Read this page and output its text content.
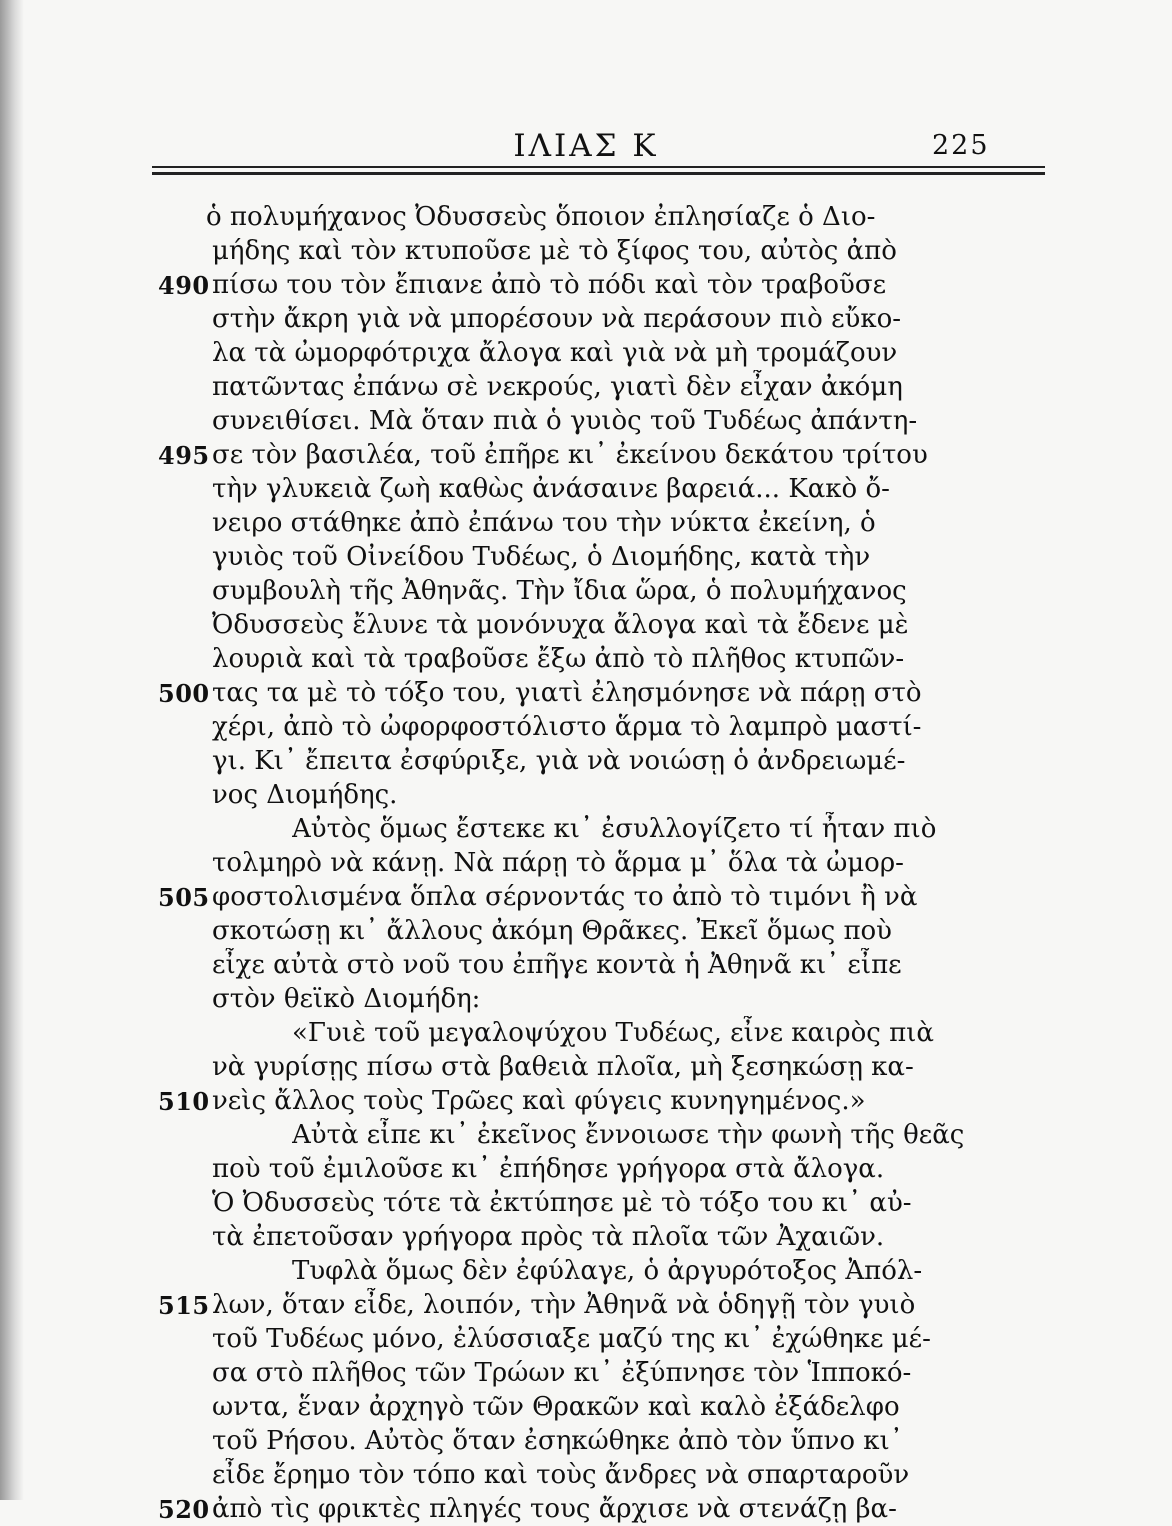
ΙΛΙΑΣ Κ	225
ὁ πολυμήχανος Ὀδυσσεὺς ὅποιον ἐπλησίαζε ὁ Διο-
μήδης καὶ τὸν κτυποῦσε μὲ τὸ ξίφος του, αὐτὸς ἀπὸ
490 πίσω του τὸν ἔπιανε ἀπὸ τὸ πόδι καὶ τὸν τραβοῦσε
στὴν ἄκρη γιὰ νὰ μπορέσουν νὰ περάσουν πιὸ εὔκο-
λα τὰ ὠμορφότριχα ἄλογα καὶ γιὰ νὰ μὴ τρομάζουν
πατῶντας ἐπάνω σὲ νεκρούς, γιατὶ δὲν εἶχαν ἀκόμη
συνειθίσει. Μὰ ὅταν πιὰ ὁ γυιὸς τοῦ Τυδέως ἀπάντη-
495 σε τὸν βασιλέα, τοῦ ἐπῆρε κι᾽ ἐκείνου δεκάτου τρίτου
τὴν γλυκειὰ ζωὴ καθὼς ἀνάσαινε βαρειά... Κακὸ ὄ-
νειρο στάθηκε ἀπὸ ἐπάνω του τὴν νύκτα ἐκείνη, ὁ
γυιὸς τοῦ Οἰνείδου Τυδέως, ὁ Διομήδης, κατὰ τὴν
συμβουλὴ τῆς Ἀθηνᾶς. Τὴν ἴδια ὥρα, ὁ πολυμήχανος
Ὀδυσσεὺς ἔλυνε τὰ μονόνυχα ἄλογα καὶ τὰ ἔδενε μὲ
λουριὰ καὶ τὰ τραβοῦσε ἔξω ἀπὸ τὸ πλῆθος κτυπῶν-
500 τας τα μὲ τὸ τόξο του, γιατὶ ἐλησμόνησε νὰ πάρῃ στὸ
χέρι, ἀπὸ τὸ ὠφορφοστόλιστο ἅρμα τὸ λαμπρὸ μαστί-
γι. Κι᾽ ἔπειτα ἐσφύριξε, γιὰ νὰ νοιώσῃ ὁ ἀνδρειωμέ-
νος Διομήδης.
Αὐτὸς ὅμως ἔστεκε κι᾽ ἐσυλλογίζετο τί ἦταν πιὸ
τολμηρὸ νὰ κάνῃ. Νὰ πάρῃ τὸ ἅρμα μ᾽ ὅλα τὰ ὠμορ-
505 φοστολισμένα ὅπλα σέρνοντάς το ἀπὸ τὸ τιμόνι ἢ νὰ
σκοτώσῃ κι᾽ ἄλλους ἀκόμη Θρᾶκες. Ἐκεῖ ὅμως ποὺ
εἶχε αὐτὰ στὸ νοῦ του ἐπῆγε κοντὰ ἡ Ἀθηνᾶ κι᾽ εἶπε
στὸν θεϊκὸ Διομήδη:
«Γυιὲ τοῦ μεγαλοψύχου Τυδέως, εἶνε καιρὸς πιὰ
νὰ γυρίσῃς πίσω στὰ βαθειὰ πλοῖα, μὴ ξεσηκώσῃ κα-
510 νεὶς ἄλλος τοὺς Τρῶες καὶ φύγεις κυνηγημένος.»
Αὐτὰ εἶπε κι᾽ ἐκεῖνος ἔννοιωσε τὴν φωνὴ τῆς θεᾶς
ποὺ τοῦ ἐμιλοῦσε κι᾽ ἐπήδησε γρήγορα στὰ ἄλογα.
Ὁ Ὀδυσσεὺς τότε τὰ ἐκτύπησε μὲ τὸ τόξο του κι᾽ αὐ-
τὰ ἐπετοῦσαν γρήγορα πρὸς τὰ πλοῖα τῶν Ἀχαιῶν.
Τυφλὰ ὅμως δὲν ἐφύλαγε, ὁ ἀργυρότοξος Ἀπόλ-
515 λων, ὅταν εἶδε, λοιπόν, τὴν Ἀθηνᾶ νὰ ὁδηγῇ τὸν γυιὸ
τοῦ Τυδέως μόνο, ἐλύσσιαξε μαζύ της κι᾽ ἐχώθηκε μέ-
σα στὸ πλῆθος τῶν Τρώων κι᾽ ἐξύπνησε τὸν Ἱπποκό-
ωντα, ἕναν ἀρχηγὸ τῶν Θρακῶν καὶ καλὸ ἐξάδελφο
τοῦ Ρήσου. Αὐτὸς ὅταν ἐσηκώθηκε ἀπὸ τὸν ὕπνο κι᾽
εἶδε ἔρημο τὸν τόπο καὶ τοὺς ἄνδρες νὰ σπαρταροῦν
520 ἀπὸ τὶς φρικτὲς πληγές τους ἄρχισε νὰ στενάζῃ βα-
